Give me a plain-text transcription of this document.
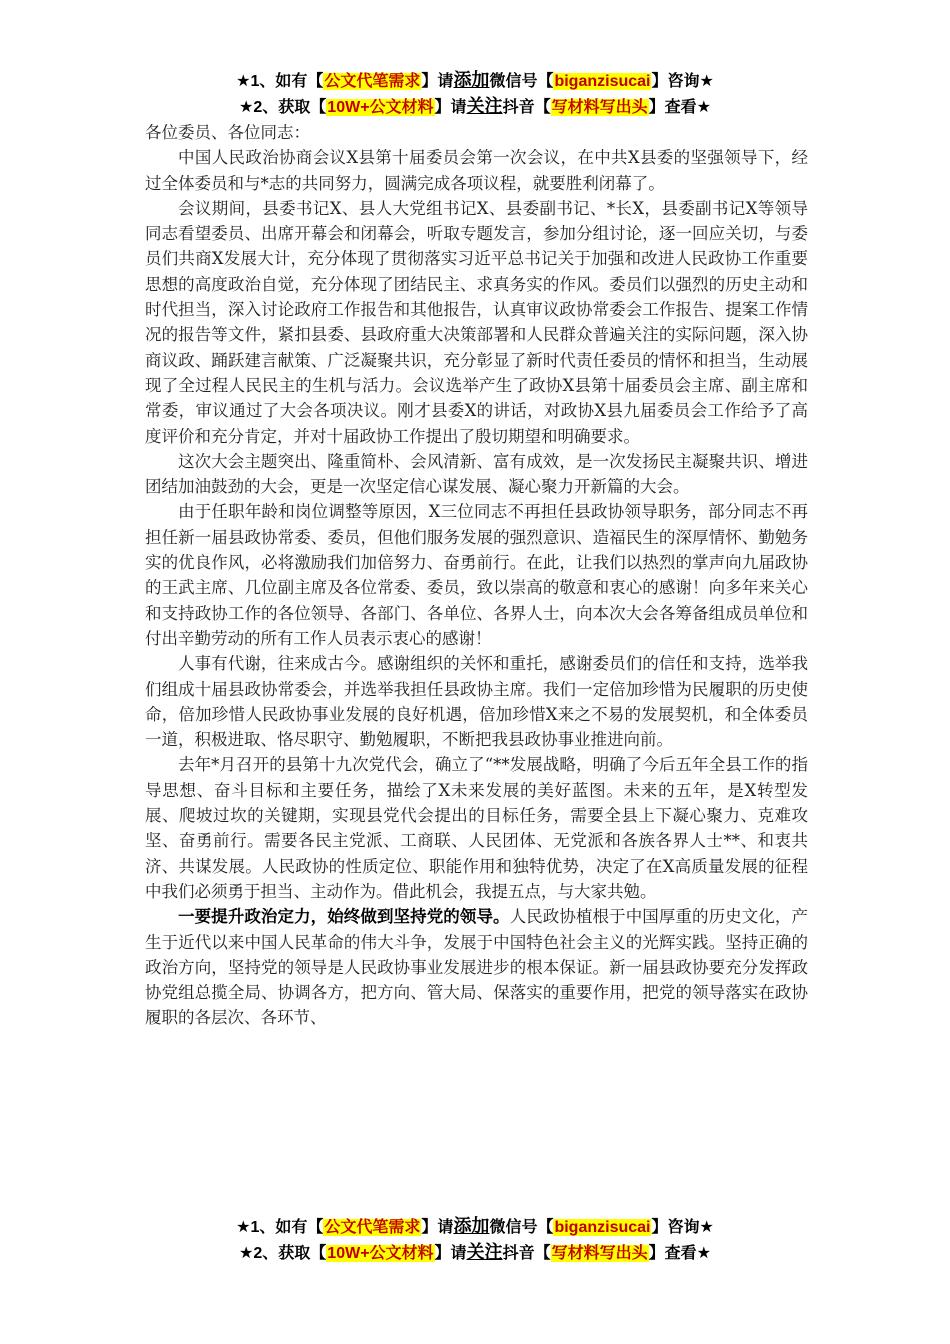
★1、如有【公文代笔需求】请添加微信号【biganzisucai】咨询★
★2、获取【10W+公文材料】请关注抖音【写材料写出头】查看★

各位委员、各位同志：

中国人民政治协商会议X县第十届委员会第一次会议，在中共X县委的坚强领导下，经过全体委员和与*志的共同努力，圆满完成各项议程，就要胜利闭幕了。

会议期间，县委书记X、县人大党组书记X、县委副书记、*长X，县委副书记X等领导同志看望委员、出席开幕会和闭幕会，听取专题发言，参加分组讨论，逐一回应关切，与委员们共商X发展大计，充分体现了贯彻落实习近平总书记关于加强和改进人民政协工作重要思想的高度政治自觉，充分体现了团结民主、求真务实的作风。委员们以强烈的历史主动和时代担当，深入讨论政府工作报告和其他报告，认真审议政协常委会工作报告、提案工作情况的报告等文件，紧扣县委、县政府重大决策部署和人民群众普遍关注的实际问题，深入协商议政、踊跃建言献策、广泛凝聚共识，充分彰显了新时代责任委员的情怀和担当，生动展现了全过程人民民主的生机与活力。会议选举产生了政协X县第十届委员会主席、副主席和常委，审议通过了大会各项决议。刚才县委X的讲话，对政协X县九届委员会工作给予了高度评价和充分肯定，并对十届政协工作提出了殷切期望和明确要求。

这次大会主题突出、隆重简朴、会风清新、富有成效，是一次发扬民主凝聚共识、增进团结加油鼓劲的大会，更是一次坚定信心谋发展、凝心聚力开新篇的大会。

由于任职年龄和岗位调整等原因，X三位同志不再担任县政协领导职务，部分同志不再担任新一届县政协常委、委员，但他们服务发展的强烈意识、造福民生的深厚情怀、勤勉务实的优良作风，必将激励我们加倍努力、奋勇前行。在此，让我们以热烈的掌声向九届政协的王武主席、几位副主席及各位常委、委员，致以崇高的敬意和衷心的感谢！向多年来关心和支持政协工作的各位领导、各部门、各单位、各界人士，向本次大会各筹备组成员单位和付出辛勤劳动的所有工作人员表示衷心的感谢！

人事有代谢，往来成古今。感谢组织的关怀和重托，感谢委员们的信任和支持，选举我们组成十届县政协常委会，并选举我担任县政协主席。我们一定倍加珍惜为民履职的历史使命，倍加珍惜人民政协事业发展的良好机遇，倍加珍惜X来之不易的发展契机，和全体委员一道，积极进取、恪尽职守、勤勉履职，不断把我县政协事业推进向前。

去年*月召开的县第十九次党代会，确立了“**发展战略，明确了今后五年全县工作的指导思想、奋斗目标和主要任务，描绘了X未来发展的美好蓝图。未来的五年，是X转型发展、爬坡过坎的关键期，实现县党代会提出的目标任务，需要全县上下凝心聚力、克难攻坚、奋勇前行。需要各民主党派、工商联、人民团体、无党派和各族各界人士**、和衷共济、共谋发展。人民政协的性质定位、职能作用和独特优势，决定了在X高质量发展的征程中我们必须勇于担当、主动作为。借此机会，我提五点，与大家共勉。

一要提升政治定力，始终做到坚持党的领导。人民政协植根于中国厚重的历史文化，产生于近代以来中国人民革命的伟大斗争，发展于中国特色社会主义的光辉实践。坚持正确的政治方向，坚持党的领导是人民政协事业发展进步的根本保证。新一届县政协要充分发挥政协党组总揽全局、协调各方，把方向、管大局、保落实的重要作用，把党的领导落实在政协履职的各层次、各环节、

★1、如有【公文代笔需求】请添加微信号【biganzisucai】咨询★
★2、获取【10W+公文材料】请关注抖音【写材料写出头】查看★
